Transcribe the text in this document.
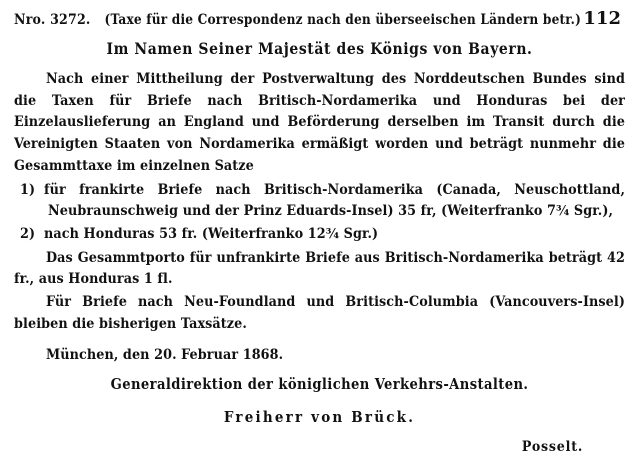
Nro. 3272. (Taxe für die Correspondenz nach den überseeischen Ländern betr.) 112
Im Namen Seiner Majestät des Königs von Bayern.

Nach einer Mittheilung der Postverwaltung des Norddeutschen Bundes sind die Taxen für Briefe nach Britisch-Nordamerika und Honduras bei der Einzelauslieferung an England und Beförderung derselben im Transit durch die Vereinigten Staaten von Nordamerika ermäßigt worden und beträgt nunmehr die Gesammttaxe im einzelnen Satze

1) für frankirte Briefe nach Britisch-Nordamerika (Canada, Neuschottland, Neubraunschweig und der Prinz Eduards-Insel) 35 fr, (Weiterfranko 7¾ Sgr.),
2) nach Honduras 53 fr. (Weiterfranko 12¾ Sgr.)

Das Gesammtporto für unfrankirte Briefe aus Britisch-Nordamerika beträgt 42 fr., aus Honduras 1 fl.

Für Briefe nach Neu-Foundland und Britisch-Columbia (Vancouvers-Insel) bleiben die bisherigen Taxsätze.

München, den 20. Februar 1868.
Generaldirektion der königlichen Verkehrs-Anstalten.
Freiherr von Brück.
Posselt.
